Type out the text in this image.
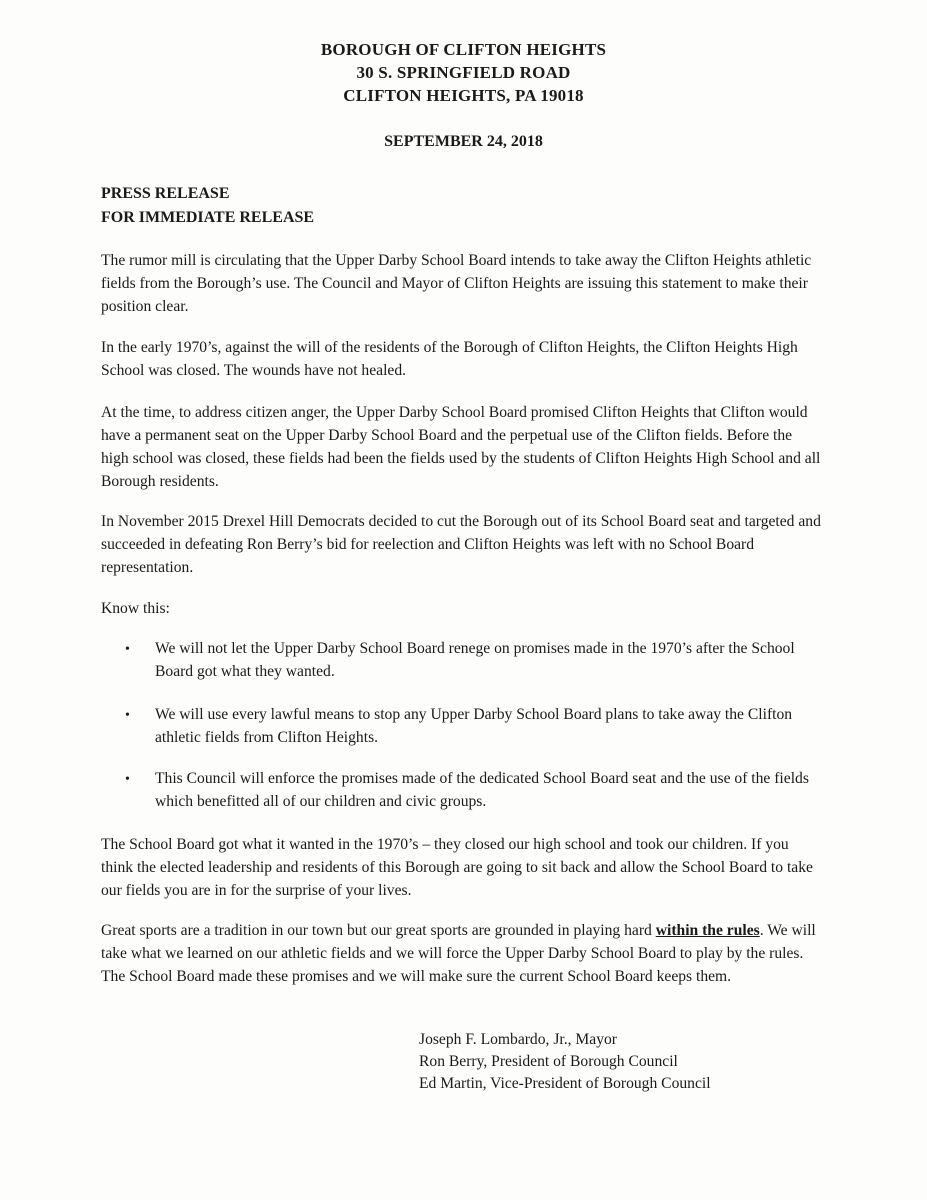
BOROUGH OF CLIFTON HEIGHTS
30 S. SPRINGFIELD ROAD
CLIFTON HEIGHTS, PA 19018
SEPTEMBER 24, 2018
PRESS RELEASE
FOR IMMEDIATE RELEASE

The rumor mill is circulating that the Upper Darby School Board intends to take away the Clifton Heights athletic fields from the Borough’s use. The Council and Mayor of Clifton Heights are issuing this statement to make their position clear.

In the early 1970’s, against the will of the residents of the Borough of Clifton Heights, the Clifton Heights High School was closed. The wounds have not healed.

At the time, to address citizen anger, the Upper Darby School Board promised Clifton Heights that Clifton would have a permanent seat on the Upper Darby School Board and the perpetual use of the Clifton fields. Before the high school was closed, these fields had been the fields used by the students of Clifton Heights High School and all Borough residents.

In November 2015 Drexel Hill Democrats decided to cut the Borough out of its School Board seat and targeted and succeeded in defeating Ron Berry’s bid for reelection and Clifton Heights was left with no School Board representation.

Know this:

• We will not let the Upper Darby School Board renege on promises made in the 1970’s after the School Board got what they wanted.
• We will use every lawful means to stop any Upper Darby School Board plans to take away the Clifton athletic fields from Clifton Heights.
• This Council will enforce the promises made of the dedicated School Board seat and the use of the fields which benefitted all of our children and civic groups.

The School Board got what it wanted in the 1970’s – they closed our high school and took our children. If you think the elected leadership and residents of this Borough are going to sit back and allow the School Board to take our fields you are in for the surprise of your lives.

Great sports are a tradition in our town but our great sports are grounded in playing hard within the rules. We will take what we learned on our athletic fields and we will force the Upper Darby School Board to play by the rules. The School Board made these promises and we will make sure the current School Board keeps them.

Joseph F. Lombardo, Jr., Mayor
Ron Berry, President of Borough Council
Ed Martin, Vice-President of Borough Council
